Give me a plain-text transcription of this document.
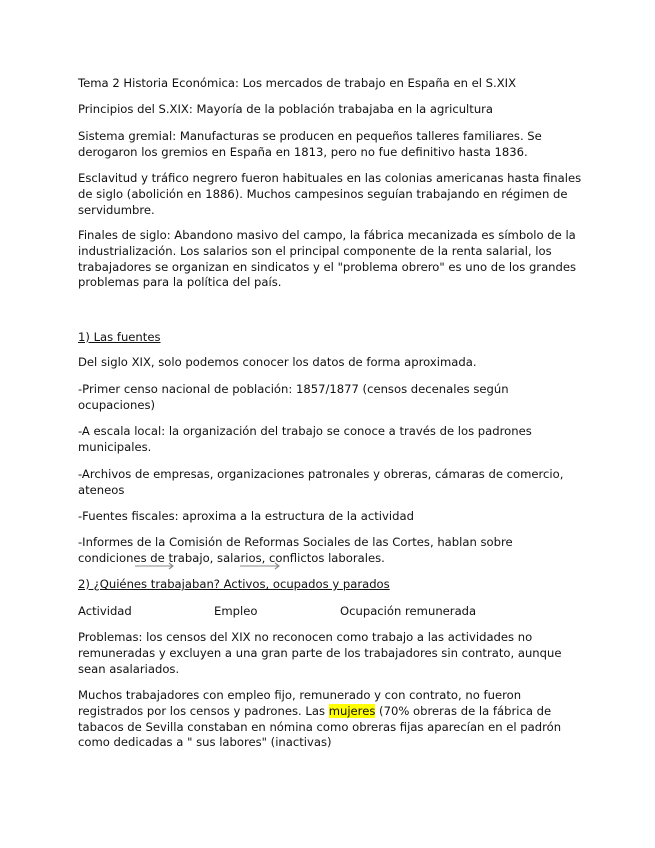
Tema 2 Historia Económica: Los mercados de trabajo en España en el S.XIX

Principios del S.XIX: Mayoría de la población trabajaba en la agricultura

Sistema gremial: Manufacturas se producen en pequeños talleres familiares. Se derogaron los gremios en España en 1813, pero no fue definitivo hasta 1836.

Esclavitud y tráfico negrero fueron habituales en las colonias americanas hasta finales de siglo (abolición en 1886). Muchos campesinos seguían trabajando en régimen de servidumbre.

Finales de siglo: Abandono masivo del campo, la fábrica mecanizada es símbolo de la industrialización. Los salarios son el principal componente de la renta salarial, los trabajadores se organizan en sindicatos y el "problema obrero" es uno de los grandes problemas para la política del país.

1) Las fuentes

Del siglo XIX, solo podemos conocer los datos de forma aproximada.

-Primer censo nacional de población: 1857/1877 (censos decenales según ocupaciones)

-A escala local: la organización del trabajo se conoce a través de los padrones municipales.

-Archivos de empresas, organizaciones patronales y obreras, cámaras de comercio, ateneos

-Fuentes fiscales: aproxima a la estructura de la actividad

-Informes de la Comisión de Reformas Sociales de las Cortes, hablan sobre condiciones de trabajo, salarios, conflictos laborales.

2) ¿Quiénes trabajaban? Activos, ocupados y parados

Actividad	Empleo	Ocupación remunerada

Problemas: los censos del XIX no reconocen como trabajo a las actividades no remuneradas y excluyen a una gran parte de los trabajadores sin contrato, aunque sean asalariados.

Muchos trabajadores con empleo fijo, remunerado y con contrato, no fueron registrados por los censos y padrones. Las mujeres (70% obreras de la fábrica de tabacos de Sevilla constaban en nómina como obreras fijas aparecían en el padrón como dedicadas a " sus labores" (inactivas)
